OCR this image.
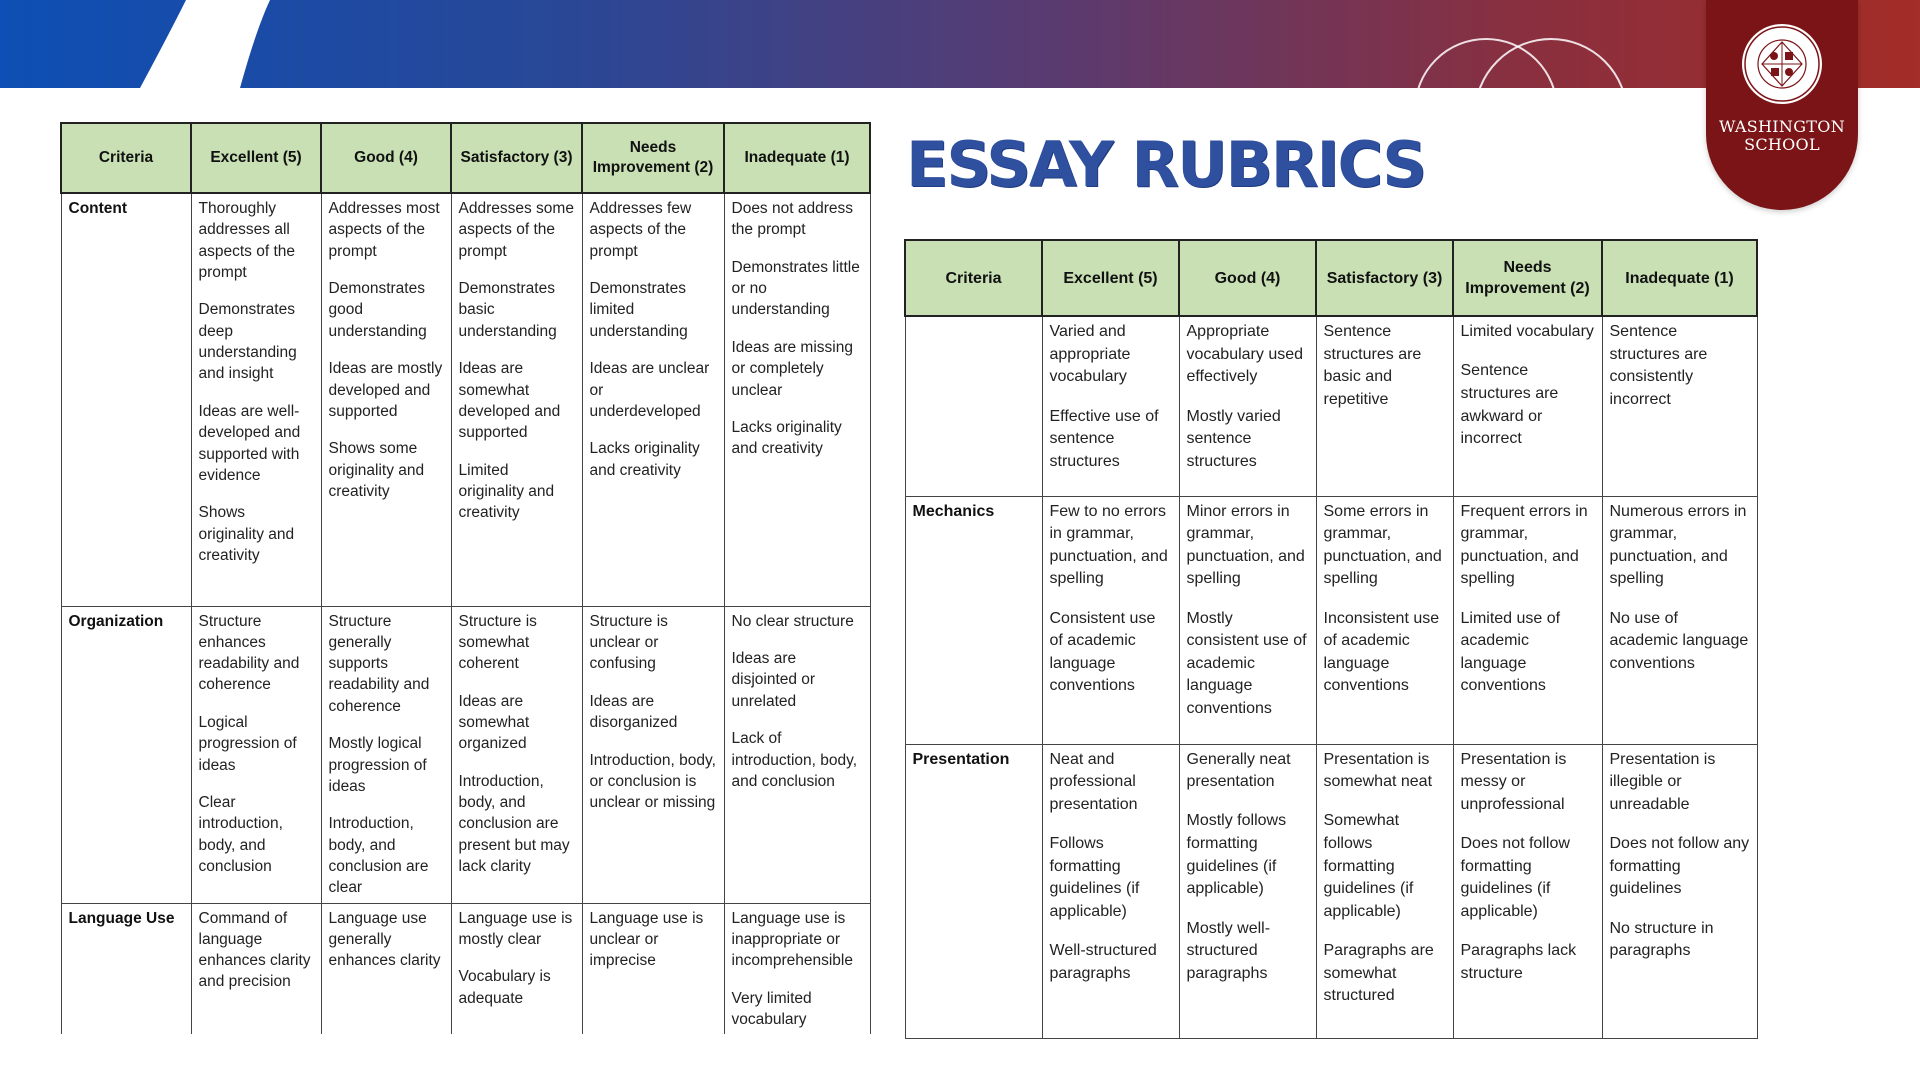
WASHINGTON
SCHOOL
ESSAY RUBRICS
Criteria	Excellent (5)	Good (4)	Satisfactory (3)	Needs Improvement (2)	Inadequate (1)
Content	Thoroughly addresses all aspects of the prompt
Demonstrates deep understanding and insight
Ideas are well-developed and supported with evidence
Shows originality and creativity	Addresses most aspects of the prompt
Demonstrates good understanding
Ideas are mostly developed and supported
Shows some originality and creativity	Addresses some aspects of the prompt
Demonstrates basic understanding
Ideas are somewhat developed and supported
Limited originality and creativity	Addresses few aspects of the prompt
Demonstrates limited understanding
Ideas are unclear or underdeveloped
Lacks originality and creativity	Does not address the prompt
Demonstrates little or no understanding
Ideas are missing or completely unclear
Lacks originality and creativity

Organization	Structure enhances readability and coherence
Logical progression of ideas
Clear introduction, body, and conclusion	Structure generally supports readability and coherence
Mostly logical progression of ideas
Introduction, body, and conclusion are clear	Structure is somewhat coherent
Ideas are somewhat organized
Introduction, body, and conclusion are present but may lack clarity	Structure is unclear or confusing
Ideas are disorganized
Introduction, body, or conclusion is unclear or missing	No clear structure
Ideas are disjointed or unrelated
Lack of introduction, body, and conclusion

Language Use	Command of language enhances clarity and precision	Language use generally enhances clarity	Language use is mostly clear
Vocabulary is adequate	Language use is unclear or imprecise	Language use is inappropriate or incomprehensible
Very limited vocabulary
Criteria	Excellent (5)	Good (4)	Satisfactory (3)	Needs Improvement (2)	Inadequate (1)

	Varied and appropriate vocabulary
Effective use of sentence structures	Appropriate vocabulary used effectively
Mostly varied sentence structures	Sentence structures are basic and repetitive	Limited vocabulary
Sentence structures are awkward or incorrect	Sentence structures are consistently incorrect

Mechanics	Few to no errors in grammar, punctuation, and spelling
Consistent use of academic language conventions	Minor errors in grammar, punctuation, and spelling
Mostly consistent use of academic language conventions	Some errors in grammar, punctuation, and spelling
Inconsistent use of academic language conventions	Frequent errors in grammar, punctuation, and spelling
Limited use of academic language conventions	Numerous errors in grammar, punctuation, and spelling
No use of academic language conventions

Presentation	Neat and professional presentation
Follows formatting guidelines (if applicable)
Well-structured paragraphs	Generally neat presentation
Mostly follows formatting guidelines (if applicable)
Mostly well-structured paragraphs	Presentation is somewhat neat
Somewhat follows formatting guidelines (if applicable)
Paragraphs are somewhat structured	Presentation is messy or unprofessional
Does not follow formatting guidelines (if applicable)
Paragraphs lack structure	Presentation is illegible or unreadable
Does not follow any formatting guidelines
No structure in paragraphs
